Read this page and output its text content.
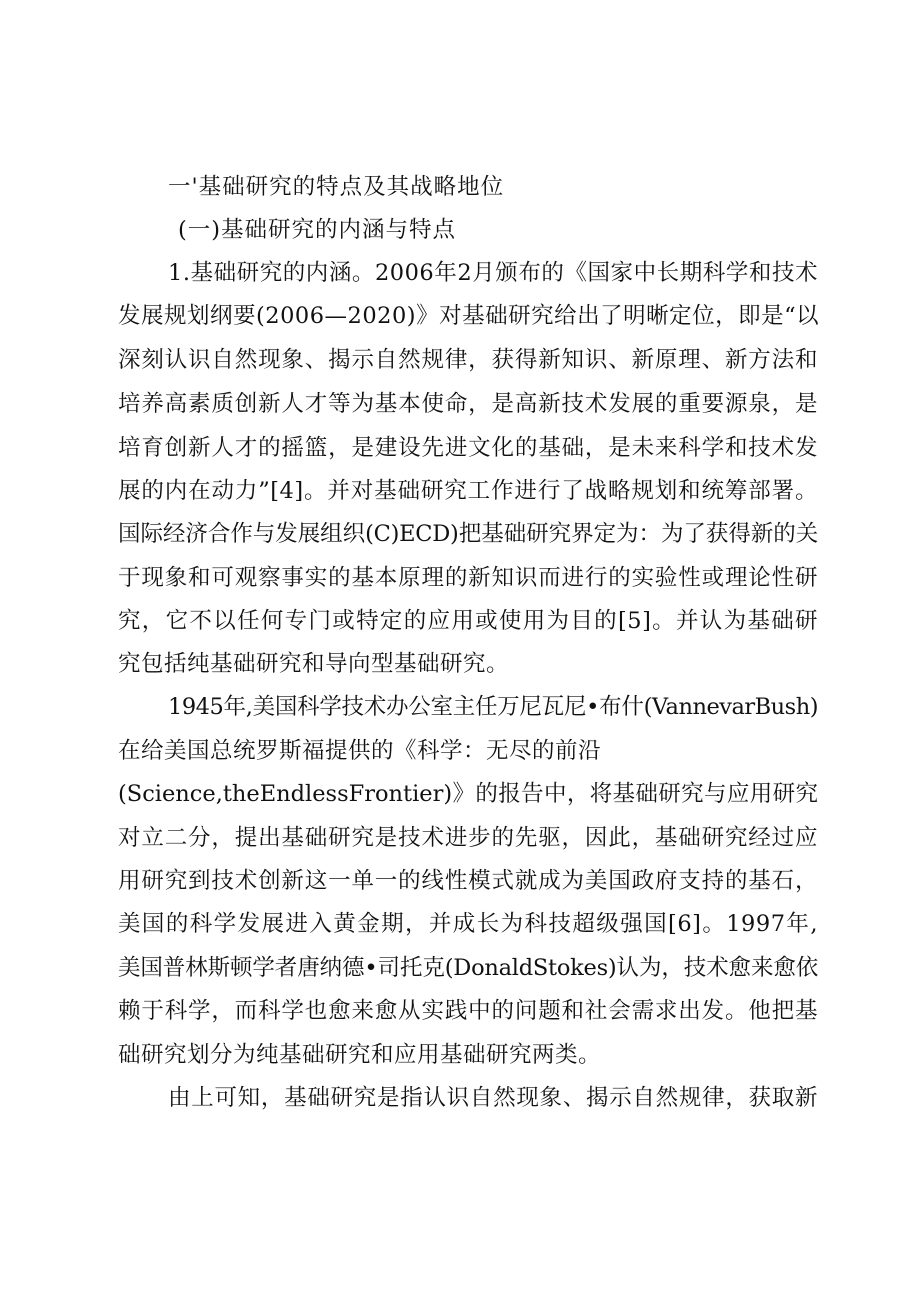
一'基础研究的特点及其战略地位
(一)基础研究的内涵与特点
1.基础研究的内涵。2006年2月颁布的《国家中长期科学和技术
发展规划纲要(2006—2020)》对基础研究给出了明晰定位，即是“以
深刻认识自然现象、揭示自然规律，获得新知识、新原理、新方法和
培养高素质创新人才等为基本使命，是高新技术发展的重要源泉，是
培育创新人才的摇篮，是建设先进文化的基础，是未来科学和技术发
展的内在动力”[4]。并对基础研究工作进行了战略规划和统筹部署。
国际经济合作与发展组织(C)ECD)把基础研究界定为：为了获得新的关
于现象和可观察事实的基本原理的新知识而进行的实验性或理论性研
究，它不以任何专门或特定的应用或使用为目的[5]。并认为基础研
究包括纯基础研究和导向型基础研究。
1945年,美国科学技术办公室主任万尼瓦尼•布什(VannevarBush)
在给美国总统罗斯福提供的《科学：无尽的前沿
(Science,theEndlessFrontier)》的报告中，将基础研究与应用研究
对立二分，提出基础研究是技术进步的先驱，因此，基础研究经过应
用研究到技术创新这一单一的线性模式就成为美国政府支持的基石，
美国的科学发展进入黄金期，并成长为科技超级强国[6]。1997年,
美国普林斯顿学者唐纳德•司托克(DonaldStokes)认为，技术愈来愈依
赖于科学，而科学也愈来愈从实践中的问题和社会需求出发。他把基
础研究划分为纯基础研究和应用基础研究两类。
由上可知，基础研究是指认识自然现象、揭示自然规律，获取新
